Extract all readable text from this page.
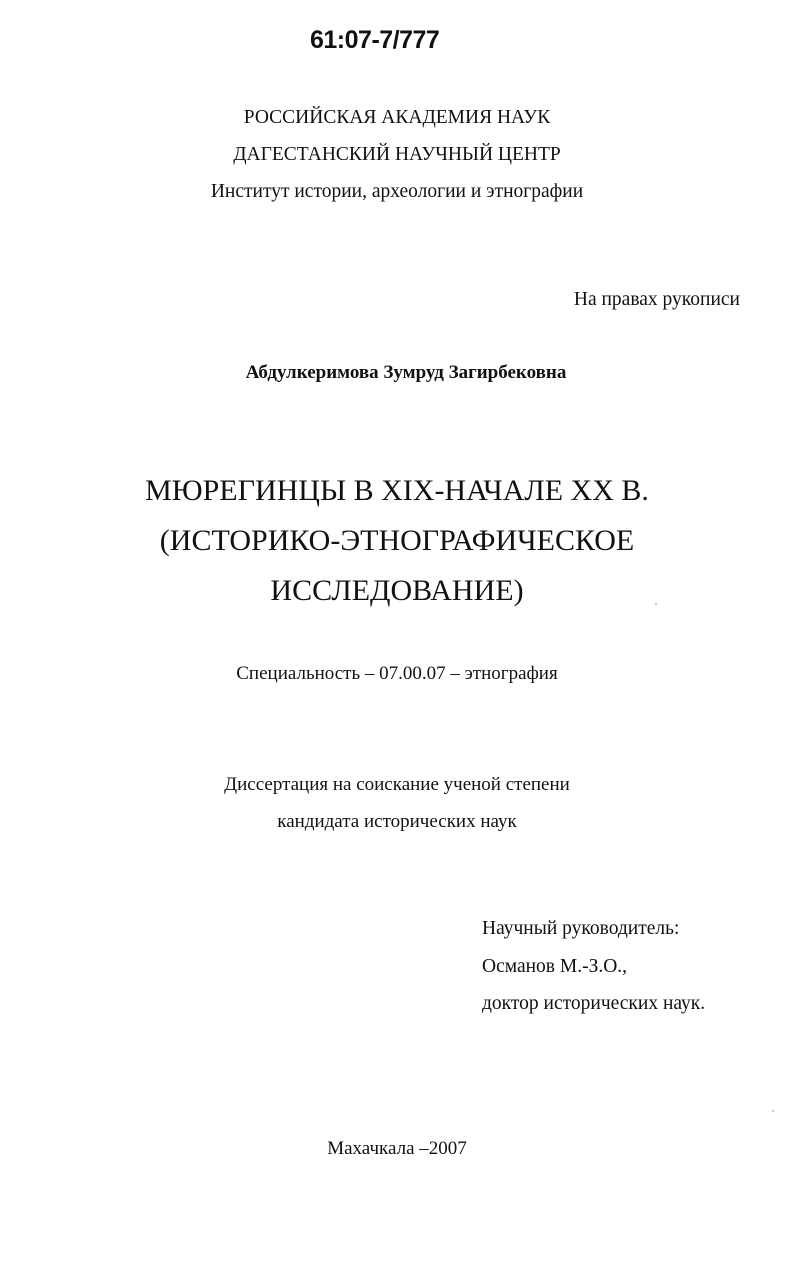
61:07-7/777
РОССИЙСКАЯ АКАДЕМИЯ НАУК
ДАГЕСТАНСКИЙ НАУЧНЫЙ ЦЕНТР
Институт истории, археологии и этнографии
На правах рукописи
Абдулкеримова Зумруд Загирбековна
МЮРЕГИНЦЫ В XIX-НАЧАЛЕ XX В.
(ИСТОРИКО-ЭТНОГРАФИЧЕСКОЕ
ИССЛЕДОВАНИЕ)
Специальность – 07.00.07 – этнография
Диссертация на соискание ученой степени
кандидата исторических наук
Научный руководитель:
Османов М.-З.О.,
доктор исторических наук.
Махачкала –2007
